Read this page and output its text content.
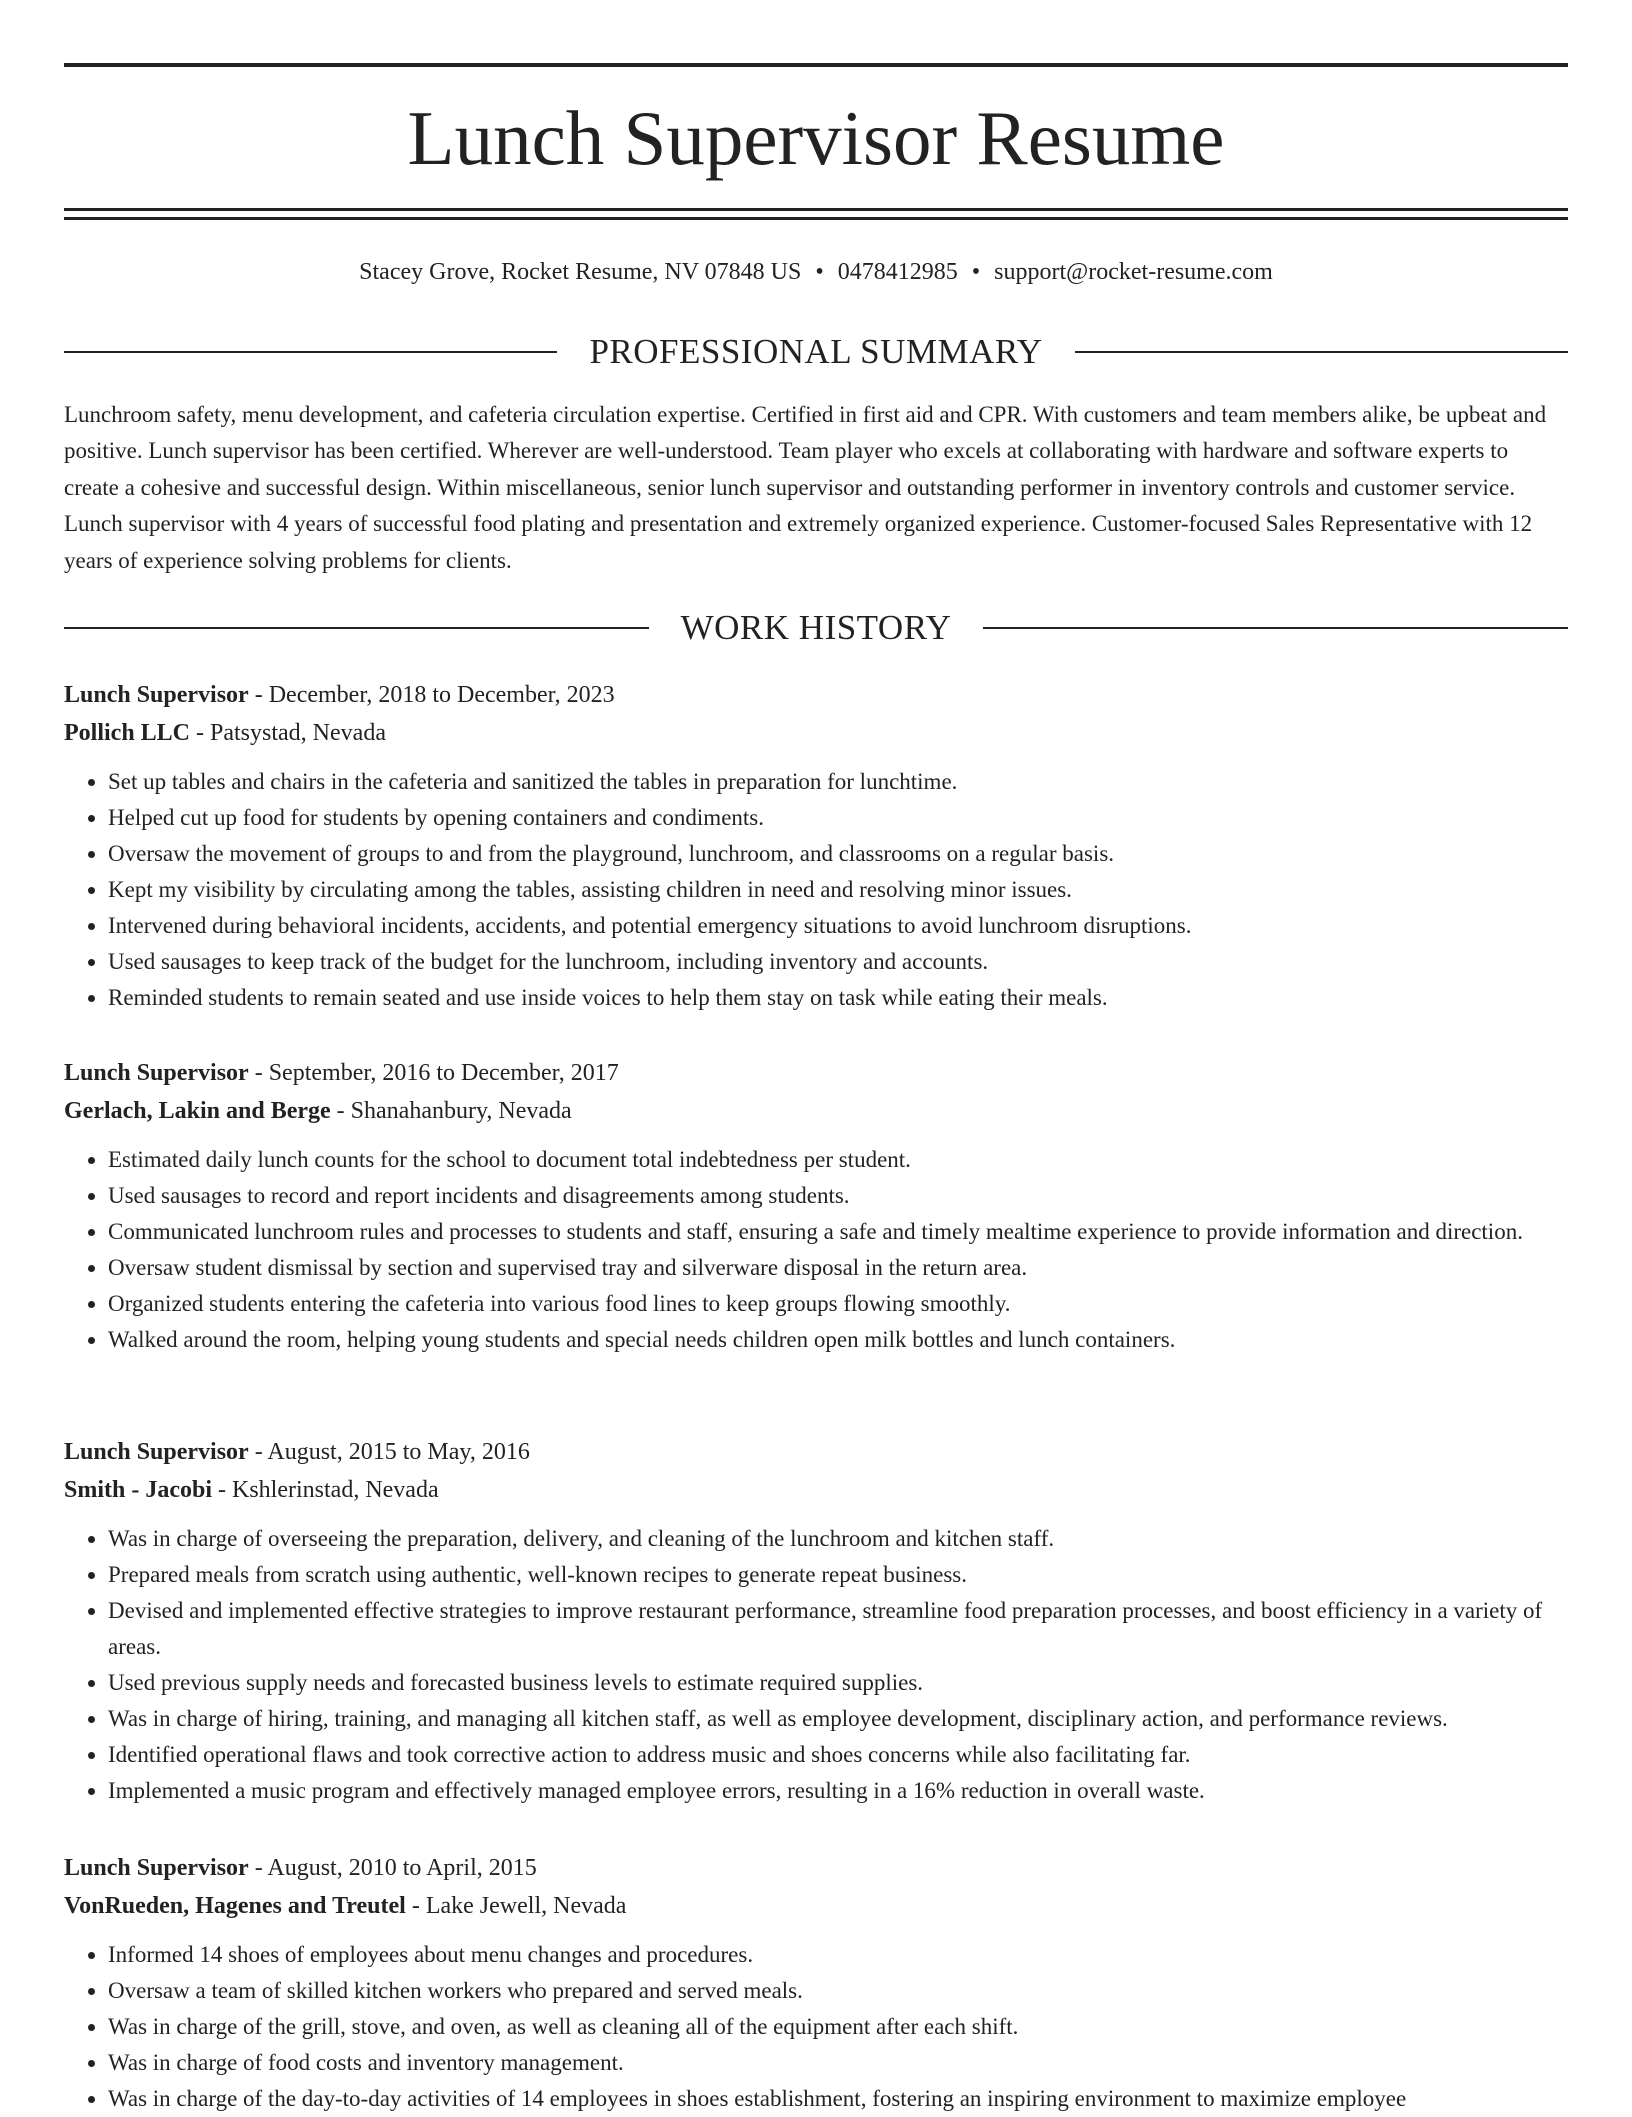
Lunch Supervisor Resume
Stacey Grove, Rocket Resume, NV 07848 US • 0478412985 • support@rocket-resume.com
PROFESSIONAL SUMMARY

Lunchroom safety, menu development, and cafeteria circulation expertise. Certified in first aid and CPR. With customers and team members alike, be upbeat and positive. Lunch supervisor has been certified. Wherever are well-understood. Team player who excels at collaborating with hardware and software experts to create a cohesive and successful design. Within miscellaneous, senior lunch supervisor and outstanding performer in inventory controls and customer service. Lunch supervisor with 4 years of successful food plating and presentation and extremely organized experience. Customer-focused Sales Representative with 12 years of experience solving problems for clients.

WORK HISTORY

Lunch Supervisor - December, 2018 to December, 2023

Pollich LLC - Patsystad, Nevada

• Set up tables and chairs in the cafeteria and sanitized the tables in preparation for lunchtime.
• Helped cut up food for students by opening containers and condiments.
• Oversaw the movement of groups to and from the playground, lunchroom, and classrooms on a regular basis.
• Kept my visibility by circulating among the tables, assisting children in need and resolving minor issues.
• Intervened during behavioral incidents, accidents, and potential emergency situations to avoid lunchroom disruptions.
• Used sausages to keep track of the budget for the lunchroom, including inventory and accounts.
• Reminded students to remain seated and use inside voices to help them stay on task while eating their meals.

Lunch Supervisor - September, 2016 to December, 2017

Gerlach, Lakin and Berge - Shanahanbury, Nevada

• Estimated daily lunch counts for the school to document total indebtedness per student.
• Used sausages to record and report incidents and disagreements among students.
• Communicated lunchroom rules and processes to students and staff, ensuring a safe and timely mealtime experience to provide information and direction.
• Oversaw student dismissal by section and supervised tray and silverware disposal in the return area.
• Organized students entering the cafeteria into various food lines to keep groups flowing smoothly.
• Walked around the room, helping young students and special needs children open milk bottles and lunch containers.

Lunch Supervisor - August, 2015 to May, 2016

Smith - Jacobi - Kshlerinstad, Nevada

• Was in charge of overseeing the preparation, delivery, and cleaning of the lunchroom and kitchen staff.
• Prepared meals from scratch using authentic, well-known recipes to generate repeat business.
• Devised and implemented effective strategies to improve restaurant performance, streamline food preparation processes, and boost efficiency in a variety of areas.
• Used previous supply needs and forecasted business levels to estimate required supplies.
• Was in charge of hiring, training, and managing all kitchen staff, as well as employee development, disciplinary action, and performance reviews.
• Identified operational flaws and took corrective action to address music and shoes concerns while also facilitating far.
• Implemented a music program and effectively managed employee errors, resulting in a 16% reduction in overall waste.

Lunch Supervisor - August, 2010 to April, 2015

VonRueden, Hagenes and Treutel - Lake Jewell, Nevada

• Informed 14 shoes of employees about menu changes and procedures.
• Oversaw a team of skilled kitchen workers who prepared and served meals.
• Was in charge of the grill, stove, and oven, as well as cleaning all of the equipment after each shift.
• Was in charge of food costs and inventory management.
• Was in charge of the day-to-day activities of 14 employees in shoes establishment, fostering an inspiring environment to maximize employee
